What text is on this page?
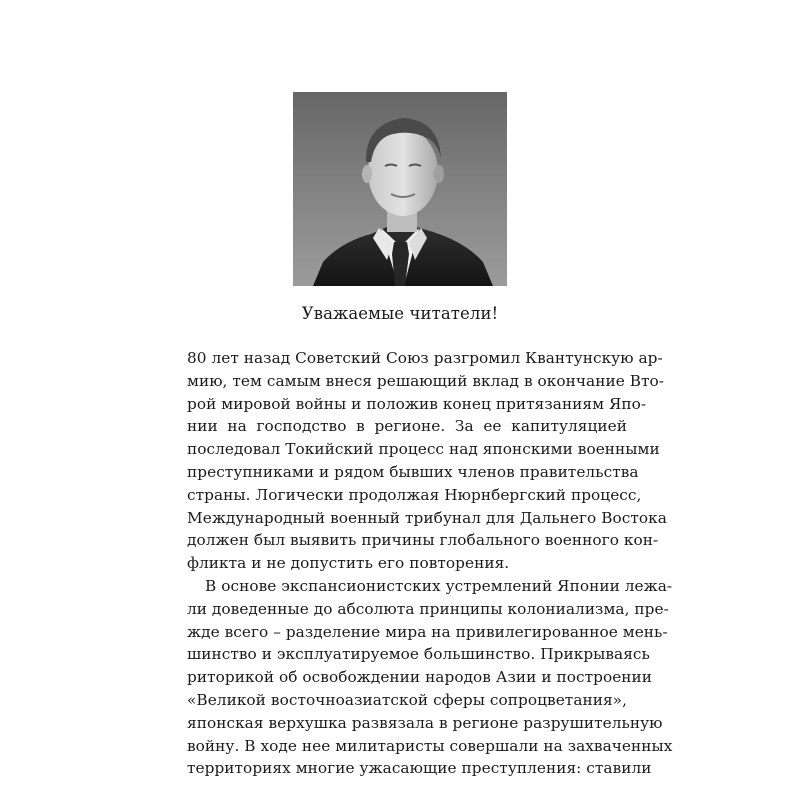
Уважаемые читатели!
80 лет назад Советский Союз разгромил Квантунскую ар-
мию, тем самым внеся решающий вклад в окончание Вто-
рой мировой войны и положив конец притязаниям Япо-
нии на господство в регионе. За ее капитуляцией
последовал Токийский процесс над японскими военными
преступниками и рядом бывших членов правительства
страны. Логически продолжая Нюрнбергский процесс,
Международный военный трибунал для Дальнего Востока
должен был выявить причины глобального военного кон-
фликта и не допустить его повторения.
В основе экспансионистских устремлений Японии лежа-
ли доведенные до абсолюта принципы колониализма, пре-
жде всего – разделение мира на привилегированное мень-
шинство и эксплуатируемое большинство. Прикрываясь
риторикой об освобождении народов Азии и построении
«Великой восточноазиатской сферы сопроцветания»,
японская верхушка развязала в регионе разрушительную
войну. В ходе нее милитаристы совершали на захваченных
территориях многие ужасающие преступления: ставили
